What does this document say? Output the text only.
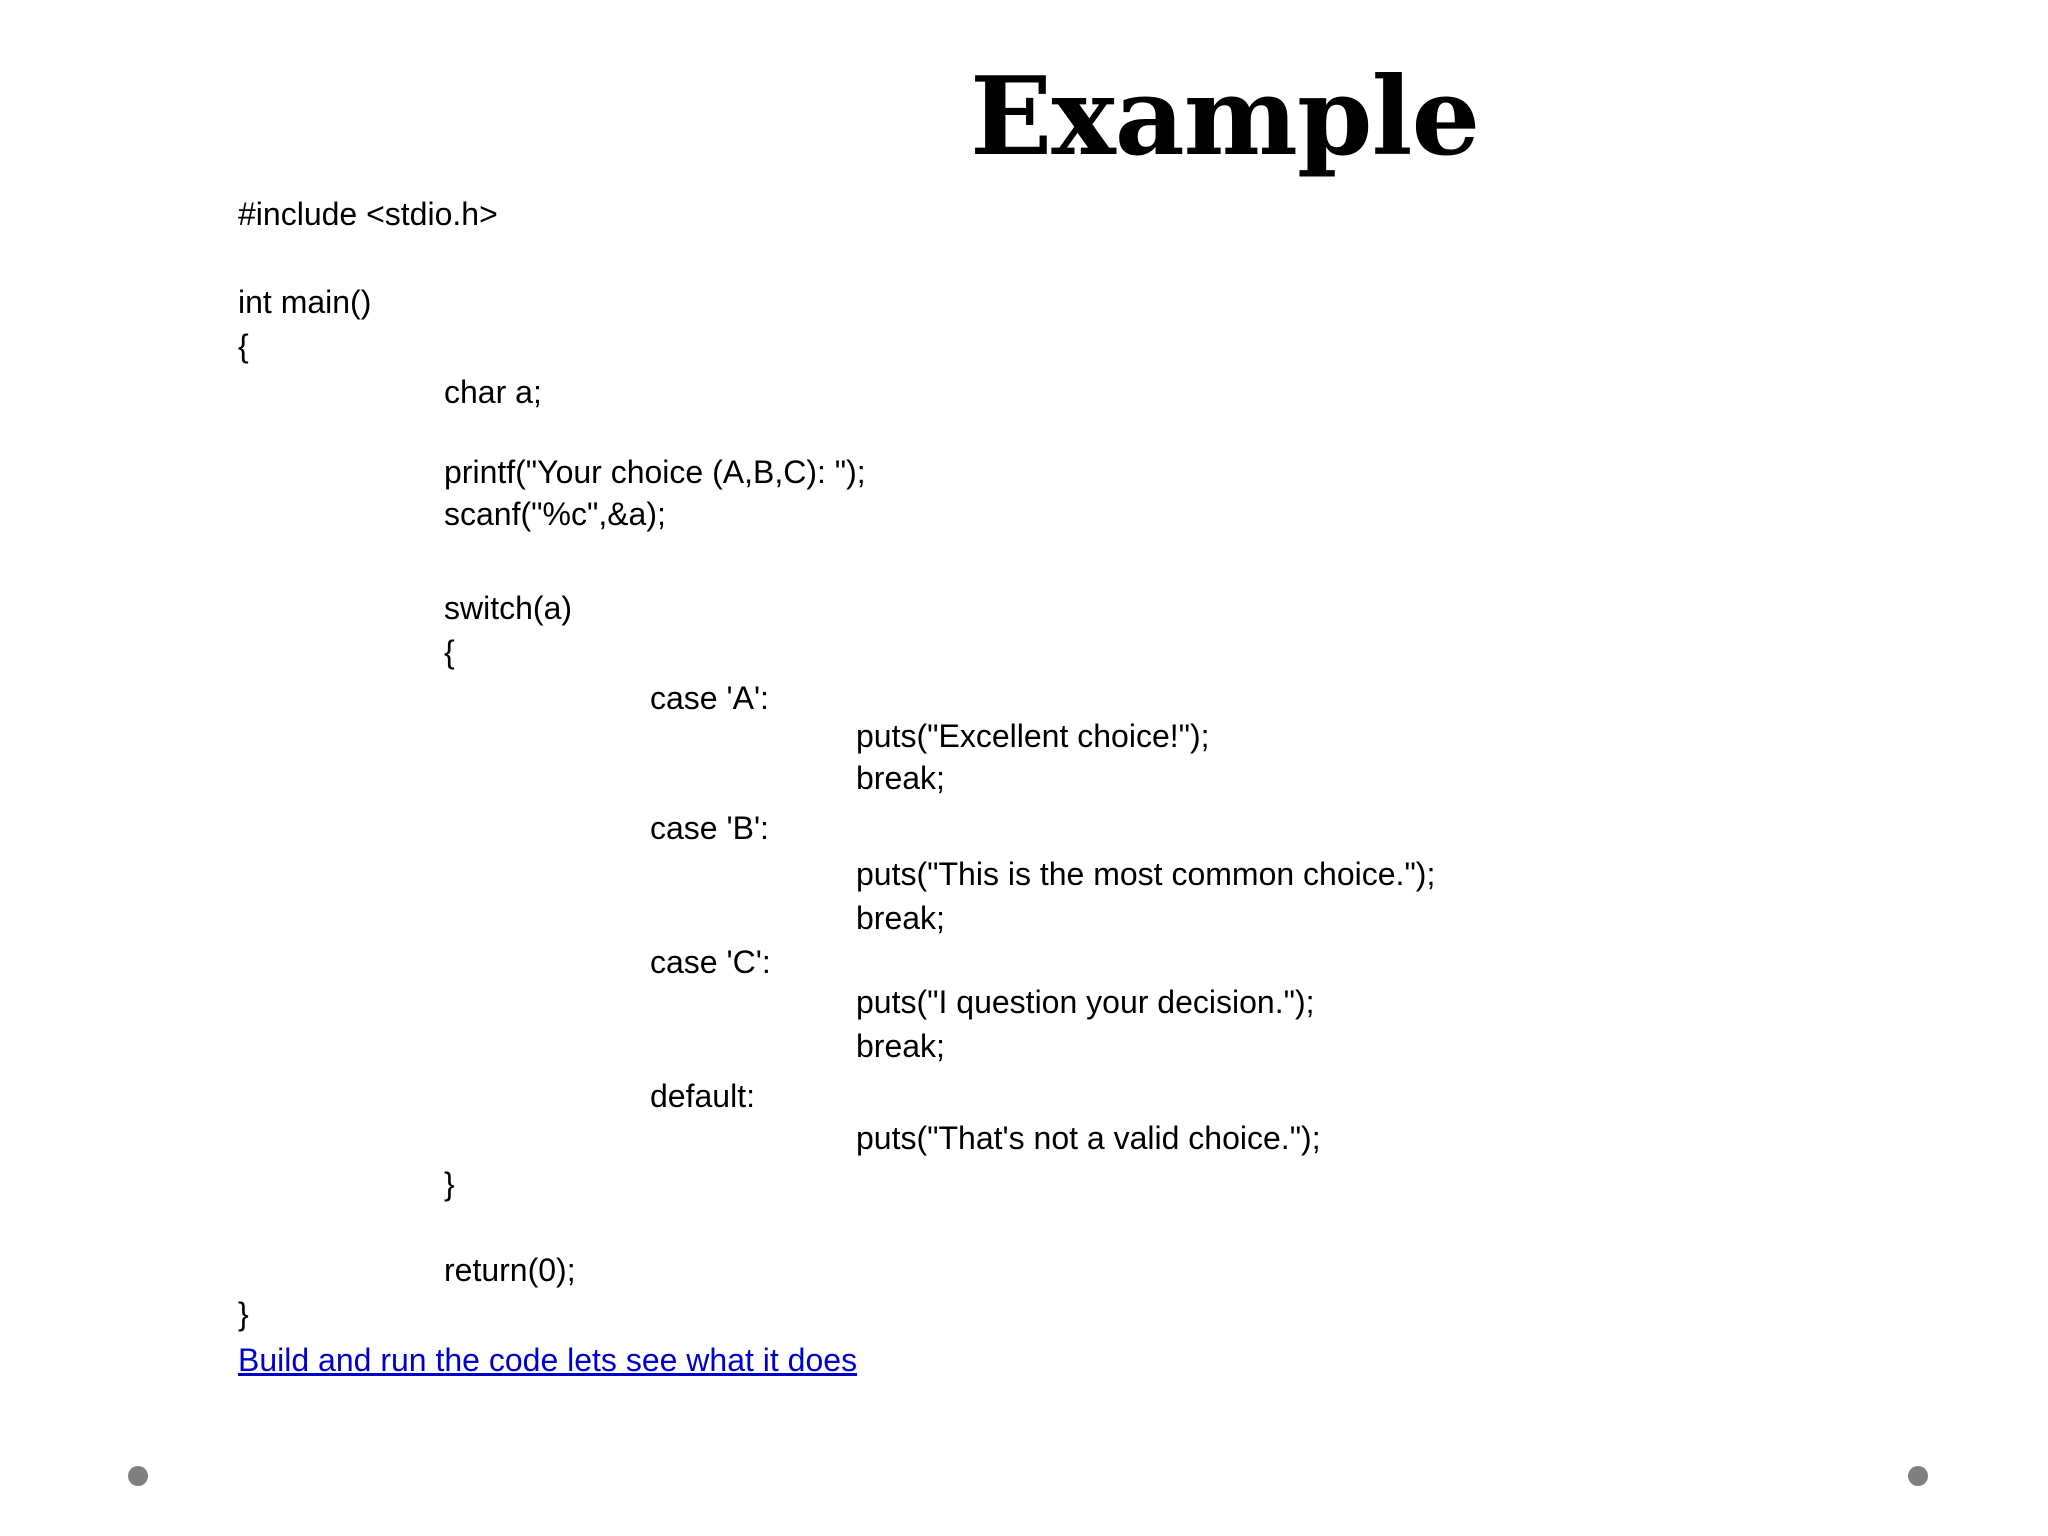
Example
#include <stdio.h>
int main()
{
char a;
printf("Your choice (A,B,C): ");
scanf("%c",&a);
switch(a)
{
case 'A':
puts("Excellent choice!");
break;
case 'B':
puts("This is the most common choice.");
break;
case 'C':
puts("I question your decision.");
break;
default:
puts("That's not a valid choice.");
}
return(0);
}
Build and run the code lets see what it does
